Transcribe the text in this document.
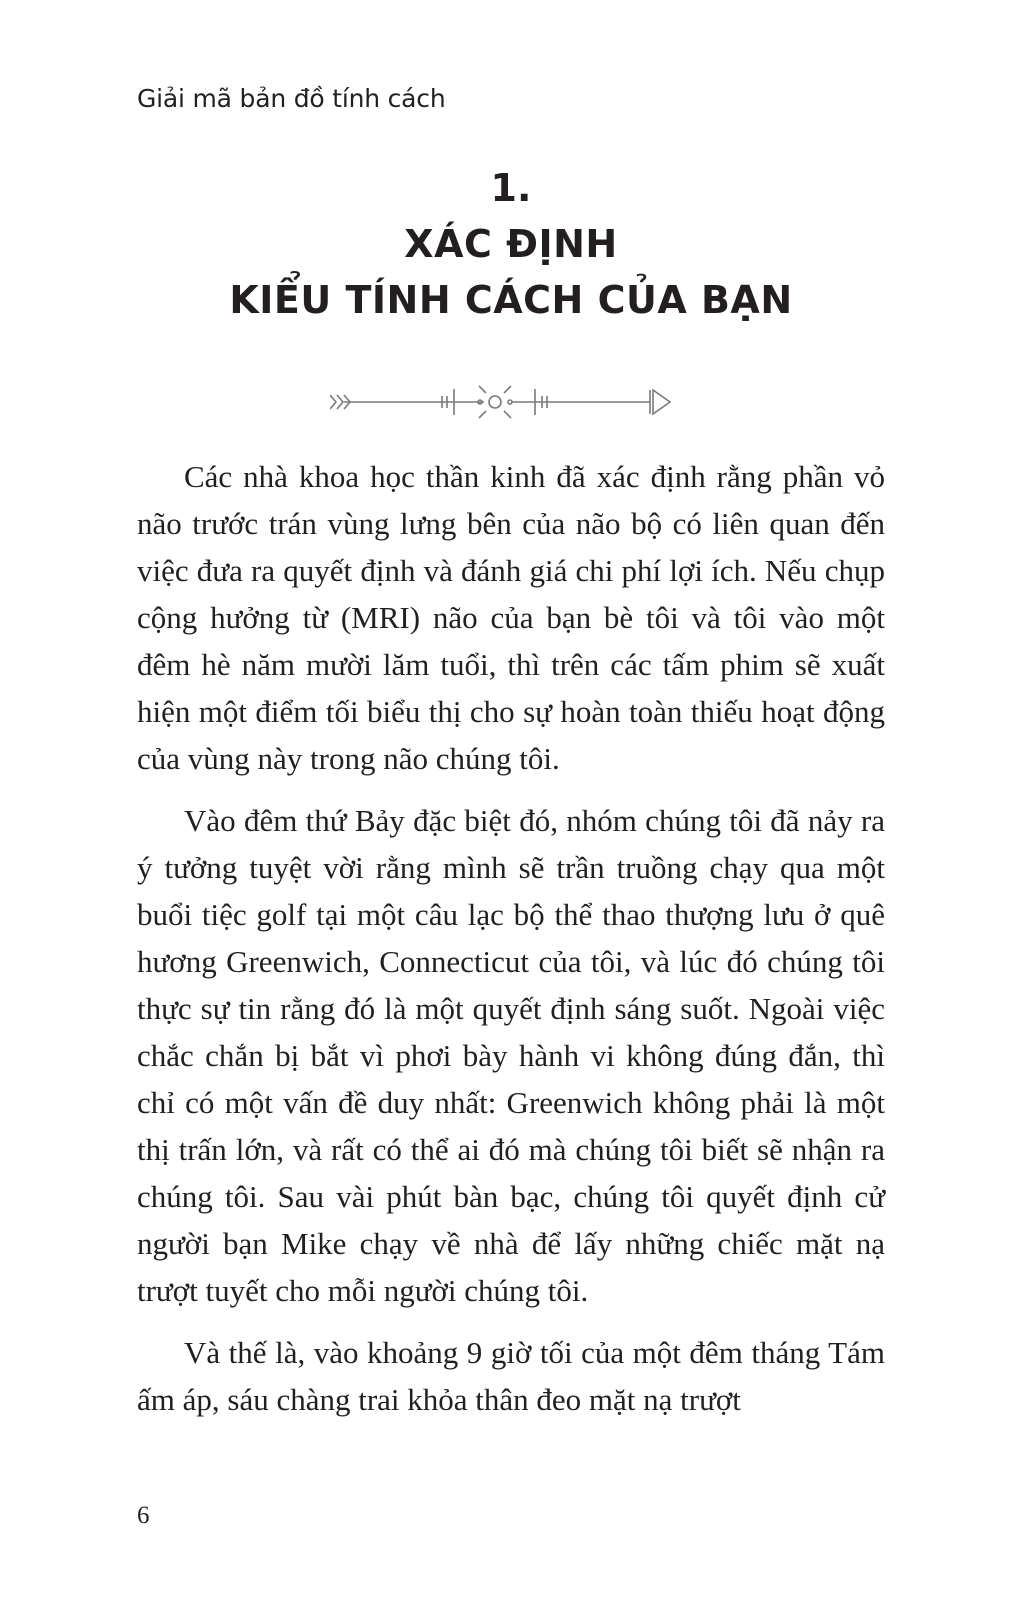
Giải mã bản đồ tính cách
1.
XÁC ĐỊNH
KIỂU TÍNH CÁCH CỦA BẠN

Các nhà khoa học thần kinh đã xác định rằng phần vỏ não trước trán vùng lưng bên của não bộ có liên quan đến việc đưa ra quyết định và đánh giá chi phí lợi ích. Nếu chụp cộng hưởng từ (MRI) não của bạn bè tôi và tôi vào một đêm hè năm mười lăm tuổi, thì trên các tấm phim sẽ xuất hiện một điểm tối biểu thị cho sự hoàn toàn thiếu hoạt động của vùng này trong não chúng tôi.

Vào đêm thứ Bảy đặc biệt đó, nhóm chúng tôi đã nảy ra ý tưởng tuyệt vời rằng mình sẽ trần truồng chạy qua một buổi tiệc golf tại một câu lạc bộ thể thao thượng lưu ở quê hương Greenwich, Connecticut của tôi, và lúc đó chúng tôi thực sự tin rằng đó là một quyết định sáng suốt. Ngoài việc chắc chắn bị bắt vì phơi bày hành vi không đúng đắn, thì chỉ có một vấn đề duy nhất: Greenwich không phải là một thị trấn lớn, và rất có thể ai đó mà chúng tôi biết sẽ nhận ra chúng tôi. Sau vài phút bàn bạc, chúng tôi quyết định cử người bạn Mike chạy về nhà để lấy những chiếc mặt nạ trượt tuyết cho mỗi người chúng tôi.

Và thế là, vào khoảng 9 giờ tối của một đêm tháng Tám ấm áp, sáu chàng trai khỏa thân đeo mặt nạ trượt

6
